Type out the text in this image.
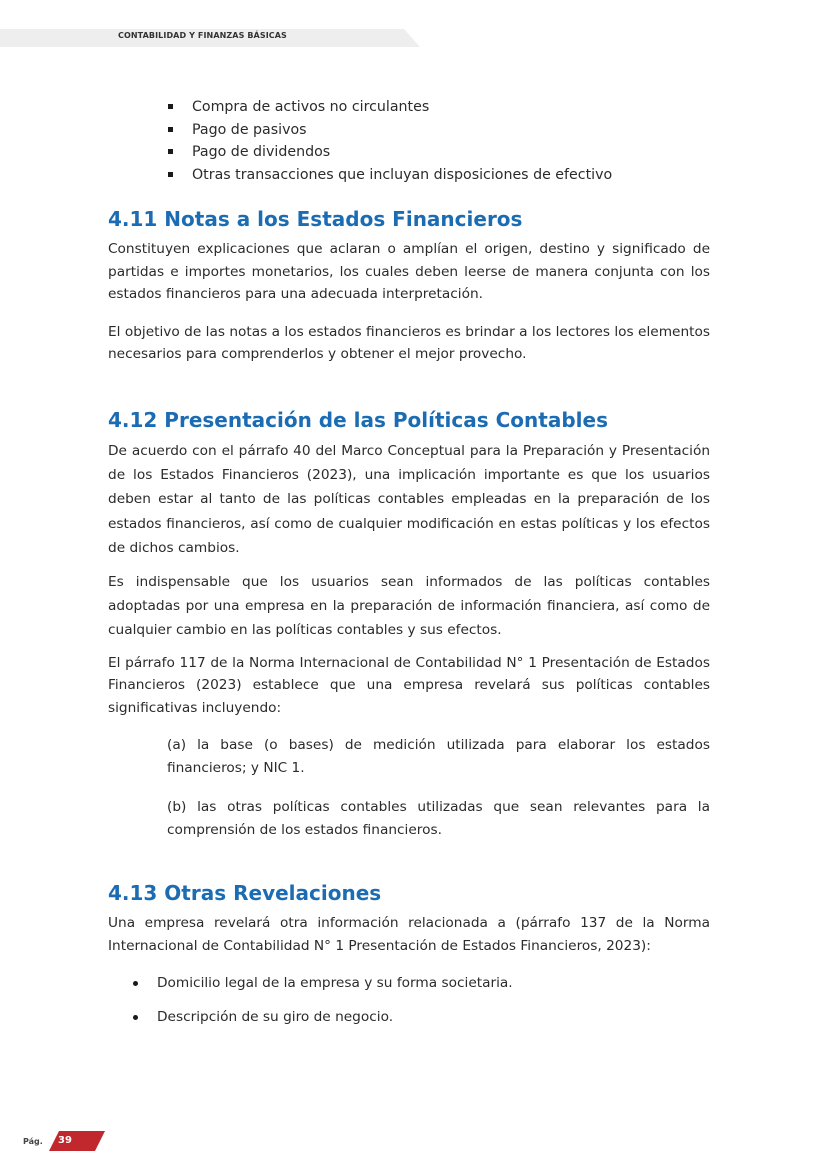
CONTABILIDAD Y FINANZAS BÁSICAS
Compra de activos no circulantes
Pago de pasivos
Pago de dividendos
Otras transacciones que incluyan disposiciones de efectivo
4.11 Notas a los Estados Financieros

Constituyen explicaciones que aclaran o amplían el origen, destino y significado de partidas e importes monetarios, los cuales deben leerse de manera conjunta con los estados financieros para una adecuada interpretación.

El objetivo de las notas a los estados financieros es brindar a los lectores los elementos necesarios para comprenderlos y obtener el mejor provecho.

4.12 Presentación de las Políticas Contables

De acuerdo con el párrafo 40 del Marco Conceptual para la Preparación y Presentación de los Estados Financieros (2023), una implicación importante es que los usuarios deben estar al tanto de las políticas contables empleadas en la preparación de los estados financieros, así como de cualquier modificación en estas políticas y los efectos de dichos cambios.

Es indispensable que los usuarios sean informados de las políticas contables adoptadas por una empresa en la preparación de información financiera, así como de cualquier cambio en las políticas contables y sus efectos.

El párrafo 117 de la Norma Internacional de Contabilidad N° 1 Presentación de Estados Financieros (2023) establece que una empresa revelará sus políticas contables significativas incluyendo:

(a) la base (o bases) de medición utilizada para elaborar los estados financieros; y NIC 1.

(b) las otras políticas contables utilizadas que sean relevantes para la comprensión de los estados financieros.

4.13 Otras Revelaciones

Una empresa revelará otra información relacionada a (párrafo 137 de la Norma Internacional de Contabilidad N° 1 Presentación de Estados Financieros, 2023):

Domicilio legal de la empresa y su forma societaria.
Descripción de su giro de negocio.
Pág. 39
